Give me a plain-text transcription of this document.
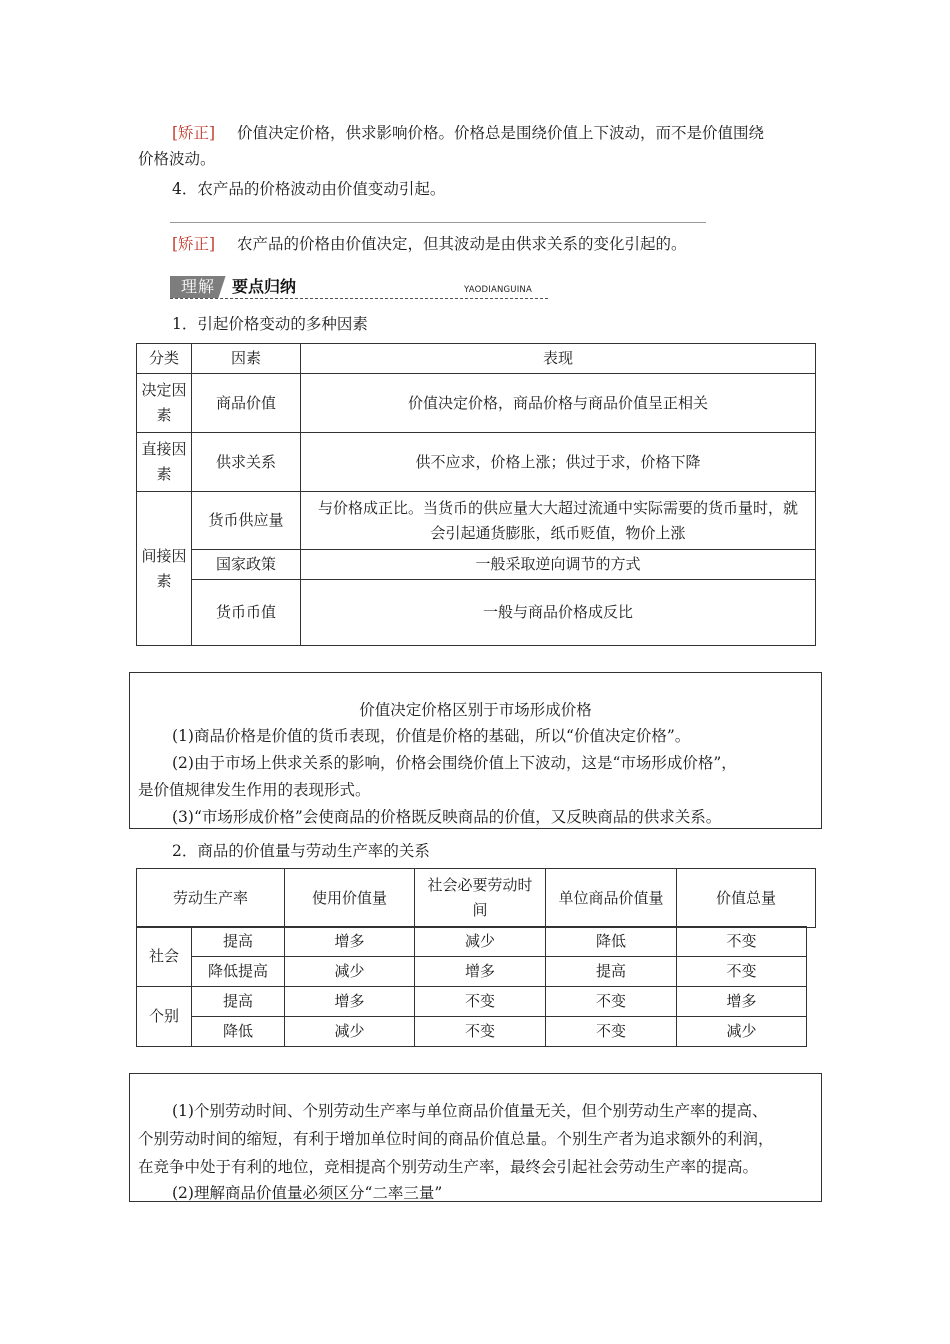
[矫正] 价值决定价格，供求影响价格。价格总是围绕价值上下波动，而不是价值围绕
价格波动。
4．农产品的价格波动由价值变动引起。
[矫正] 农产品的价格由价值决定，但其波动是由供求关系的变化引起的。
理解	要点归纳	YAODIANGUINA
1．引起价格变动的多种因素
分类	因素	表现
决定因素	商品价值	价值决定价格，商品价格与商品价值呈正相关
直接因素	供求关系	供不应求，价格上涨；供过于求，价格下降
间接因素	货币供应量	与价格成正比。当货币的供应量大大超过流通中实际需要的货币量时，就会引起通货膨胀，纸币贬值，物价上涨
	国家政策	一般采取逆向调节的方式
	货币币值	一般与商品价格成反比
价值决定价格区别于市场形成价格
(1)商品价格是价值的货币表现，价值是价格的基础，所以“价值决定价格”。
(2)由于市场上供求关系的影响，价格会围绕价值上下波动，这是“市场形成价格”，
是价值规律发生作用的表现形式。
(3)“市场形成价格”会使商品的价格既反映商品的价值，又反映商品的供求关系。
2．商品的价值量与劳动生产率的关系
劳动生产率	使用价值量	社会必要劳动时间	单位商品价值量	价值总量
社会	提高	增多	减少	降低	不变
	降低提高	减少	增多	提高	不变
个别	提高	增多	不变	不变	增多
	降低	减少	不变	不变	减少
(1)个别劳动时间、个别劳动生产率与单位商品价值量无关，但个别劳动生产率的提高、
个别劳动时间的缩短，有利于增加单位时间的商品价值总量。个别生产者为追求额外的利润，
在竞争中处于有利的地位，竞相提高个别劳动生产率，最终会引起社会劳动生产率的提高。
(2)理解商品价值量必须区分“二率三量”
